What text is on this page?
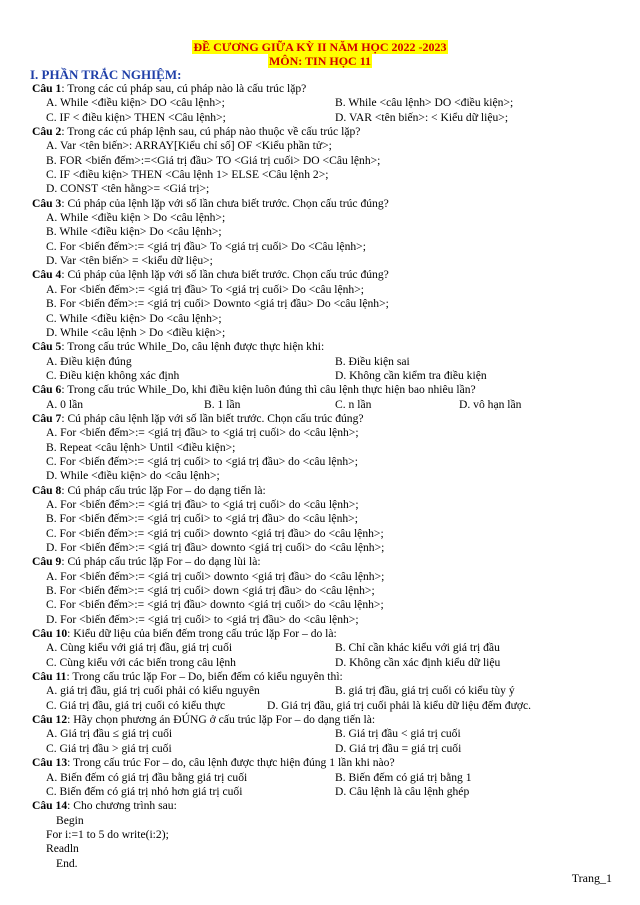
ĐỀ CƯƠNG GIỮA KỲ II NĂM HỌC 2022 -2023
MÔN: TIN HỌC 11
I. PHẦN TRẮC NGHIỆM:
Câu 1: Trong các cú pháp sau, cú pháp nào là cấu trúc lặp?
A. While <điều kiện> DO <câu lệnh>;	B. While <câu lệnh> DO <điều kiện>;
C. IF < điều kiện> THEN <Câu lệnh>;	D. VAR <tên biến>: < Kiểu dữ liệu>;
Câu 2: Trong các cú pháp lệnh sau, cú pháp nào thuộc về cấu trúc lặp?
A. Var <tên biến>: ARRAY[Kiểu chỉ số] OF <Kiểu phần tử>;
B. FOR <biến đếm>:=<Giá trị đầu> TO <Giá trị cuối> DO <Câu lệnh>;
C. IF <điều kiện> THEN <Câu lệnh 1> ELSE <Câu lệnh 2>;
D. CONST <tên hằng>= <Giá trị>;
Câu 3: Cú pháp của lệnh lặp với số lần chưa biết trước. Chọn cấu trúc đúng?
A. While <điều kiện > Do <câu lệnh>;
B. While <điều kiện> Do <câu lệnh>;
C. For <biến đếm>:= <giá trị đầu> To <giá trị cuối> Do <Câu lệnh>;
D. Var <tên biến> = <kiểu dữ liệu>;
Câu 4: Cú pháp của lệnh lặp với số lần chưa biết trước. Chọn cấu trúc đúng?
A. For <biến đếm>:= <giá trị đầu> To <giá trị cuối> Do <câu lệnh>;
B. For <biến đếm>:= <giá trị cuối> Downto <giá trị đầu> Do <câu lệnh>;
C. While <điều kiện> Do <câu lệnh>;
D. While <câu lệnh > Do <điều kiện>;
Câu 5: Trong cấu trúc While_Do, câu lệnh được thực hiện khi:
A. Điều kiện đúng	B. Điều kiện sai
C. Điều kiện không xác định	D. Không cần kiểm tra điều kiện
Câu 6: Trong cấu trúc While_Do, khi điều kiện luôn đúng thì câu lệnh thực hiện bao nhiêu lần?
A. 0 lần	B. 1 lần	C. n lần	D. vô hạn lần
Câu 7: Cú pháp câu lệnh lặp với số lần biết trước. Chọn cấu trúc đúng?
A. For <biến đếm>:= <giá trị đầu> to <giá trị cuối> do <câu lệnh>;
B. Repeat <câu lệnh> Until <điều kiện>;
C. For <biến đếm>:= <giá trị cuối> to <giá trị đầu> do <câu lệnh>;
D. While <điều kiện> do <câu lệnh>;
Câu 8: Cú pháp cấu trúc lặp For – do dạng tiến là:
A. For <biến đếm>:= <giá trị đầu> to <giá trị cuối> do <câu lệnh>;
B. For <biến đếm>:= <giá trị cuối> to <giá trị đầu> do <câu lệnh>;
C. For <biến đếm>:= <giá trị cuối> downto <giá trị đầu> do <câu lệnh>;
D. For <biến đếm>:= <giá trị đầu> downto <giá trị cuối> do <câu lệnh>;
Câu 9: Cú pháp cấu trúc lặp For – do dạng lùi là:
A. For <biến đếm>:= <giá trị cuối> downto <giá trị đầu> do <câu lệnh>;
B. For <biến đếm>:= <giá trị cuối> down <giá trị đầu> do <câu lệnh>;
C. For <biến đếm>:= <giá trị đầu> downto <giá trị cuối> do <câu lệnh>;
D. For <biến đếm>:= <giá trị cuối> to <giá trị đầu> do <câu lệnh>;
Câu 10: Kiểu dữ liệu của biến đếm trong cấu trúc lặp For – do là:
A. Cùng kiểu với giá trị đầu, giá trị cuối	B. Chỉ cần khác kiểu với giá trị đầu
C. Cùng kiểu với các biến trong câu lệnh	D. Không cần xác định kiểu dữ liệu
Câu 11: Trong cấu trúc lặp For – Do, biến đếm có kiểu nguyên thì:
A. giá trị đầu, giá trị cuối phải có kiểu nguyên	B. giá trị đầu, giá trị cuối có kiểu tùy ý
C. Giá trị đầu, giá trị cuối có kiểu thực	D. Giá trị đầu, giá trị cuối phải là kiểu dữ liệu đếm được.
Câu 12: Hãy chọn phương án ĐÚNG ở cấu trúc lặp For – do dạng tiến là:
A. Giá trị đầu ≤ giá trị cuối	B. Giá trị đầu < giá trị cuối
C. Giá trị đầu > giá trị cuối	D. Giá trị đầu = giá trị cuối
Câu 13: Trong cấu trúc For – do, câu lệnh được thực hiện đúng 1 lần khi nào?
A. Biến đếm có giá trị đầu bằng giá trị cuối	B. Biến đếm có giá trị bằng 1
C. Biến đếm có giá trị nhỏ hơn giá trị cuối	D. Câu lệnh là câu lệnh ghép
Câu 14: Cho chương trình sau:
Begin
For i:=1 to 5 do write(i:2);
Readln
End.
Trang_1
